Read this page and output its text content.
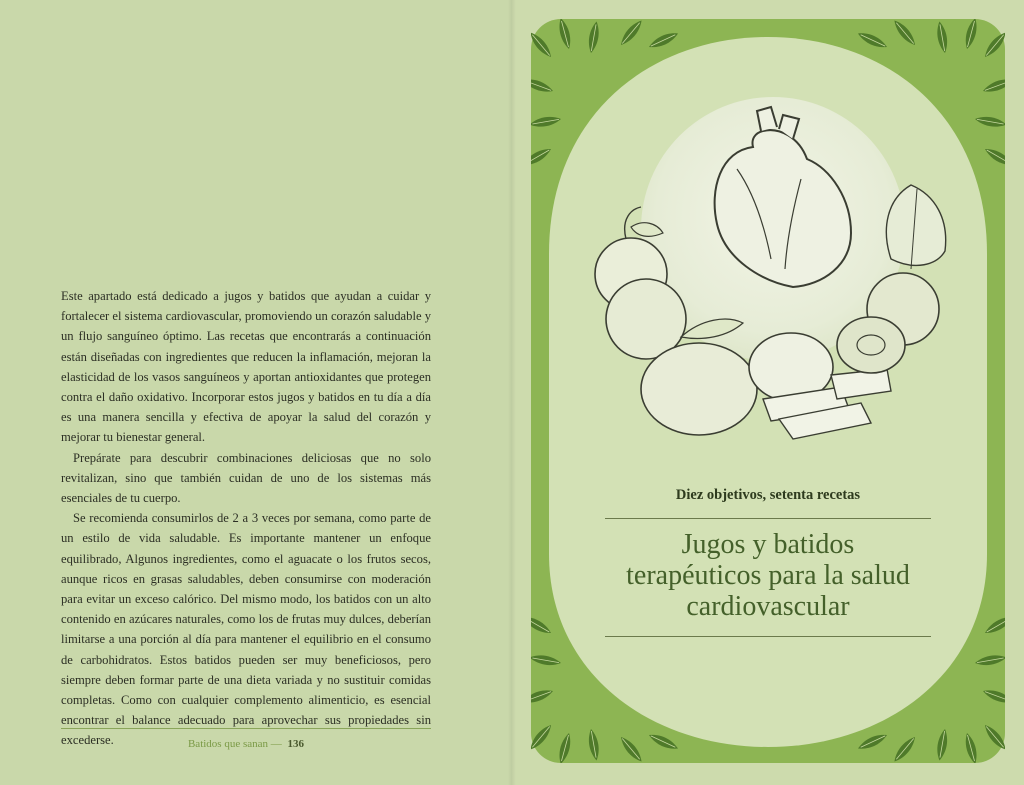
Este apartado está dedicado a jugos y batidos que ayudan a cuidar y fortalecer el sistema cardiovascular, promoviendo un corazón saludable y un flujo sanguíneo óptimo. Las recetas que encontrarás a continuación están diseñadas con ingredientes que reducen la inflamación, mejoran la elasticidad de los vasos sanguíneos y aportan antioxidantes que protegen contra el daño oxidativo. Incorporar estos jugos y batidos en tu día a día es una manera sencilla y efectiva de apoyar la salud del corazón y mejorar tu bienestar general.

Prepárate para descubrir combinaciones deliciosas que no solo revitalizan, sino que también cuidan de uno de los sistemas más esenciales de tu cuerpo.

Se recomienda consumirlos de 2 a 3 veces por semana, como parte de un estilo de vida saludable. Es importante mantener un enfoque equilibrado, Algunos ingredientes, como el aguacate o los frutos secos, aunque ricos en grasas saludables, deben consumirse con moderación para evitar un exceso calórico. Del mismo modo, los batidos con un alto contenido en azúcares naturales, como los de frutas muy dulces, deberían limitarse a una porción al día para mantener el equilibrio en el consumo de carbohidratos. Estos batidos pueden ser muy beneficiosos, pero siempre deben formar parte de una dieta variada y no sustituir comidas completas. Como con cualquier complemento alimenticio, es esencial encontrar el balance adecuado para aprovechar sus propiedades sin excederse.	Batidos que sanan — 136
Diez objetivos, setenta recetas
Jugos y batidos
terapéuticos para la salud
cardiovascular
